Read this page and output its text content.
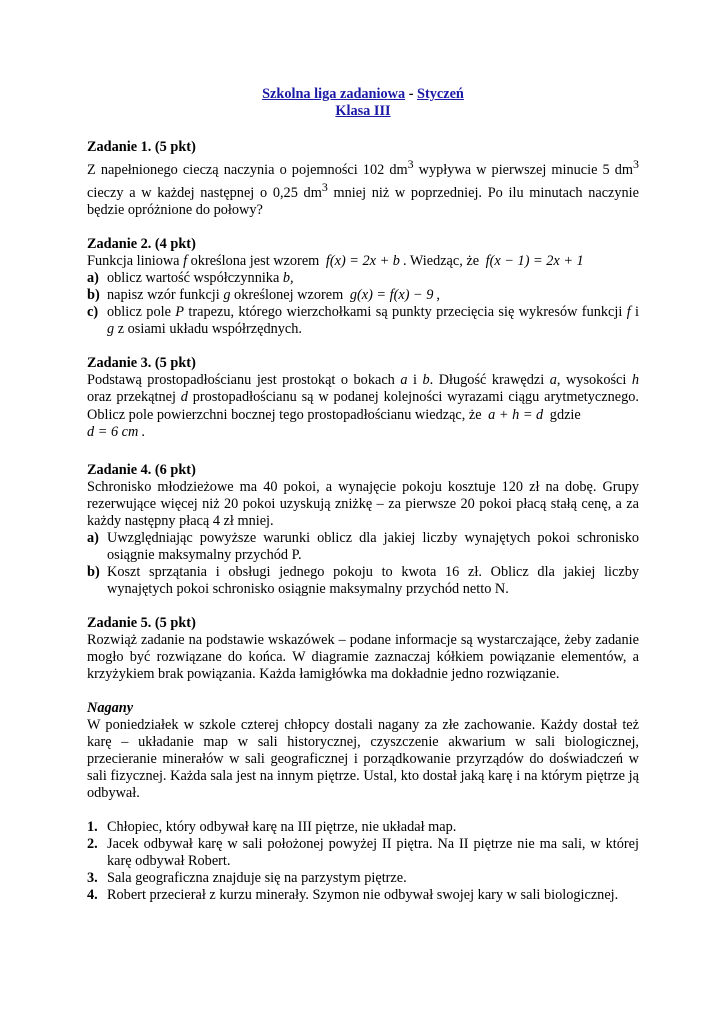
Szkolna liga zadaniowa - Styczeń
Klasa III
Zadanie 1. (5 pkt)
Z napełnionego cieczą naczynia o pojemności 102 $dm^3$ wypływa w pierwszej minucie 5 $dm^3$ cieczy a w każdej następnej o 0,25 $dm^3$ mniej niż w poprzedniej. Po ilu minutach naczynie będzie opróżnione do połowy?
Zadanie 2. (4 pkt)
Funkcja liniowa f określona jest wzorem f(x) = 2x + b . Wiedząc, że f(x − 1) = 2x + 1
a) oblicz wartość współczynnika b,
b) napisz wzór funkcji g określonej wzorem g(x) = f(x) − 9 ,
c) oblicz pole P trapezu, którego wierzchołkami są punkty przecięcia się wykresów funkcji f i g z osiami układu współrzędnych.
Zadanie 3. (5 pkt)
Podstawą prostopadłościanu jest prostokąt o bokach a i b. Długość krawędzi a, wysokości h oraz przekątnej d prostopadłościanu są w podanej kolejności wyrazami ciągu arytmetycznego. Oblicz pole powierzchni bocznej tego prostopadłościanu wiedząc, że a + h = d gdzie
d = 6 cm .
Zadanie 4. (6 pkt)
Schronisko młodzieżowe ma 40 pokoi, a wynajęcie pokoju kosztuje 120 zł na dobę. Grupy rezerwujące więcej niż 20 pokoi uzyskują zniżkę – za pierwsze 20 pokoi płacą stałą cenę, a za każdy następny płacą 4 zł mniej.
a) Uwzględniając powyższe warunki oblicz dla jakiej liczby wynajętych pokoi schronisko osiągnie maksymalny przychód P.
b) Koszt sprzątania i obsługi jednego pokoju to kwota 16 zł. Oblicz dla jakiej liczby wynajętych pokoi schronisko osiągnie maksymalny przychód netto N.
Zadanie 5. (5 pkt)
Rozwiąż zadanie na podstawie wskazówek – podane informacje są wystarczające, żeby zadanie mogło być rozwiązane do końca. W diagramie zaznaczaj kółkiem powiązanie elementów, a krzyżykiem brak powiązania. Każda łamigłówka ma dokładnie jedno rozwiązanie.
Nagany
W poniedziałek w szkole czterej chłopcy dostali nagany za złe zachowanie. Każdy dostał też karę – układanie map w sali historycznej, czyszczenie akwarium w sali biologicznej, przecieranie minerałów w sali geograficznej i porządkowanie przyrządów do doświadczeń w sali fizycznej. Każda sala jest na innym piętrze. Ustal, kto dostał jaką karę i na którym piętrze ją odbywał.
1. Chłopiec, który odbywał karę na III piętrze, nie układał map.
2. Jacek odbywał karę w sali położonej powyżej II piętra. Na II piętrze nie ma sali, w której karę odbywał Robert.
3. Sala geograficzna znajduje się na parzystym piętrze.
4. Robert przecierał z kurzu minerały. Szymon nie odbywał swojej kary w sali biologicznej.
